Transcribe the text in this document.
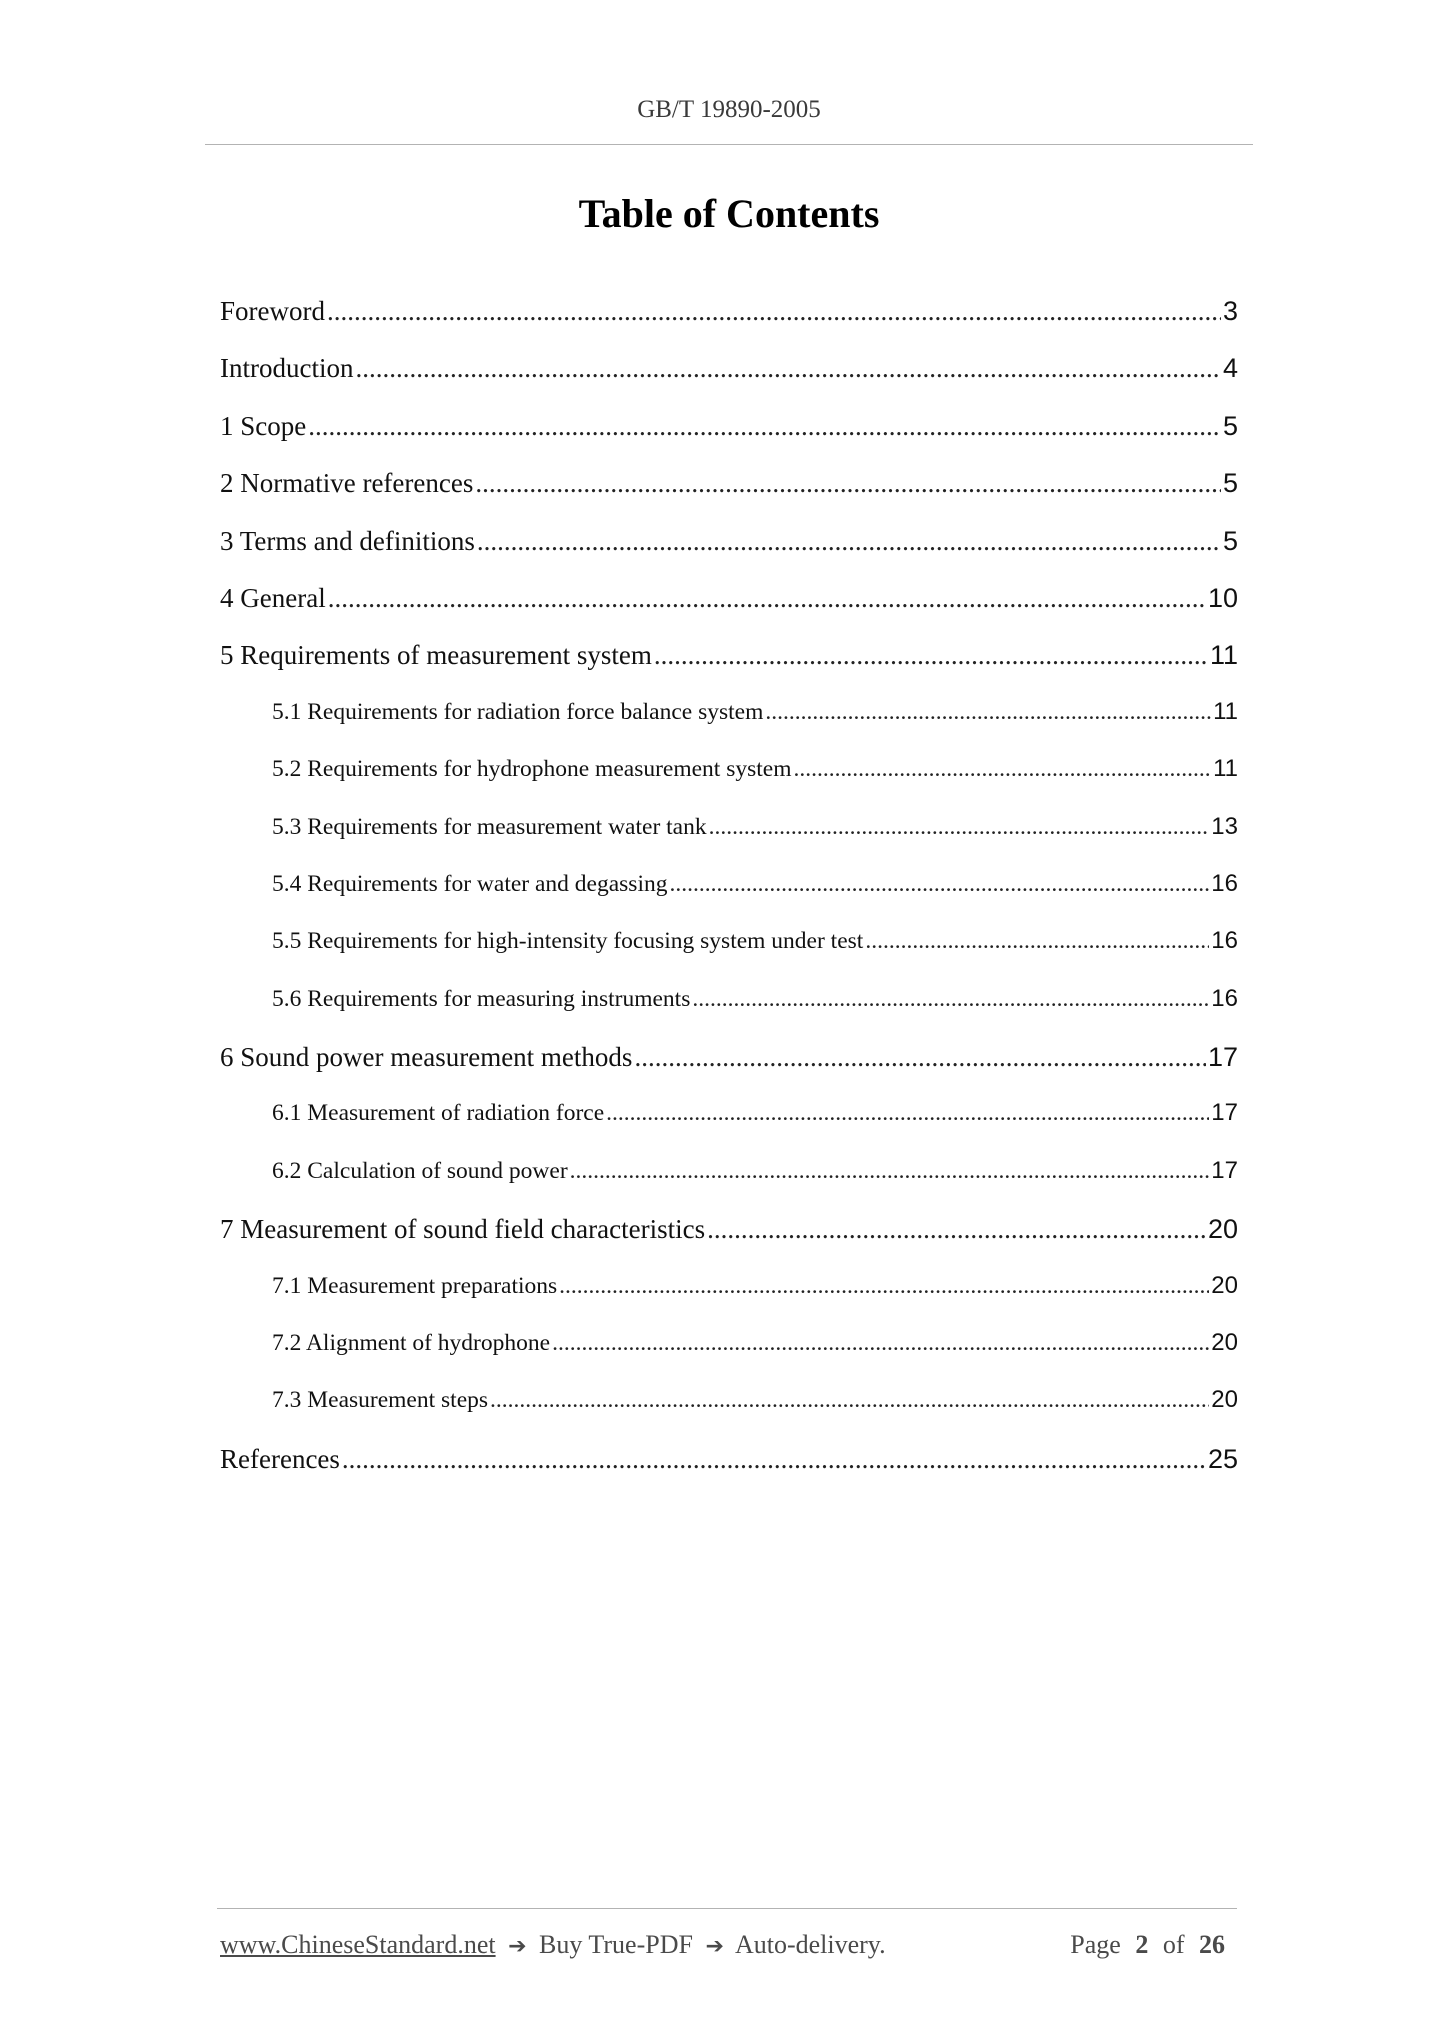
GB/T 19890-2005
Table of Contents
Foreword .....	3
Introduction .....	4
1 Scope .....	5
2 Normative references .....	5
3 Terms and definitions .....	5
4 General .....	10
5 Requirements of measurement system .....	11
5.1 Requirements for radiation force balance system .....	11
5.2 Requirements for hydrophone measurement system .....	11
5.3 Requirements for measurement water tank .....	13
5.4 Requirements for water and degassing .....	16
5.5 Requirements for high-intensity focusing system under test .....	16
5.6 Requirements for measuring instruments .....	16
6 Sound power measurement methods .....	17
6.1 Measurement of radiation force .....	17
6.2 Calculation of sound power .....	17
7 Measurement of sound field characteristics .....	20
7.1 Measurement preparations .....	20
7.2 Alignment of hydrophone .....	20
7.3 Measurement steps .....	20
References .....	25
www.ChineseStandard.net ➔ Buy True-PDF ➔ Auto-delivery.	Page 2 of 26
